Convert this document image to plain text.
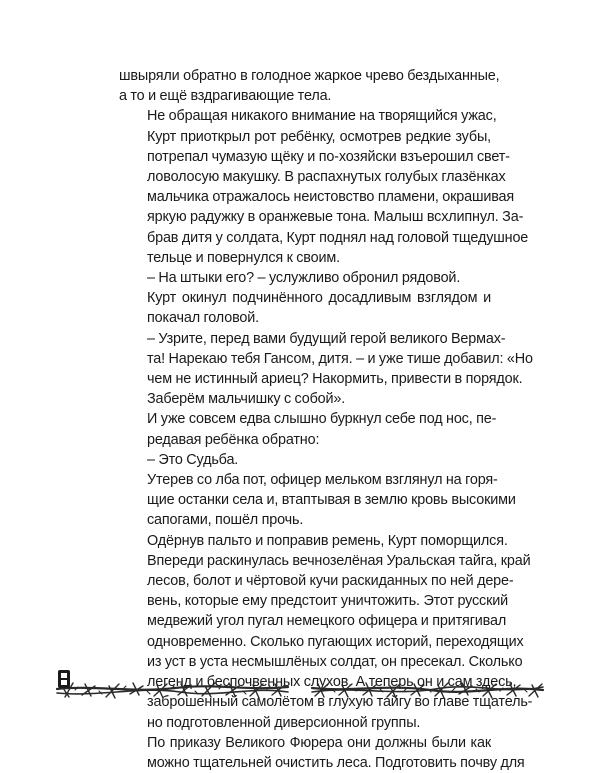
швыряли обратно в голодное жаркое чрево бездыханные,
а то и ещё вздрагивающие тела.

Не обращая никакого внимание на творящийся ужас,
Курт приоткрыл рот ребёнку, осмотрев редкие зубы,
потрепал чумазую щёку и по-хозяйски взъерошил свет-
ловолосую макушку. В распахнутых голубых глазёнках
мальчика отражалось неистовство пламени, окрашивая
яркую радужку в оранжевые тона. Малыш всхлипнул. За-
брав дитя у солдата, Курт поднял над головой тщедушное
тельце и повернулся к своим.

– На штыки его? – услужливо обронил рядовой.

Курт окинул подчинённого досадливым взглядом и
покачал головой.

– Узрите, перед вами будущий герой великого Вермах-
та! Нарекаю тебя Гансом, дитя. – и уже тише добавил: «Но
чем не истинный ариец? Накормить, привести в порядок.
Заберём мальчишку с собой».

И уже совсем едва слышно буркнул себе под нос, пе-
редавая ребёнка обратно:

– Это Судьба.

Утерев со лба пот, офицер мельком взглянул на горя-
щие останки села и, втаптывая в землю кровь высокими
сапогами, пошёл прочь.

Одёрнув пальто и поправив ремень, Курт поморщился.
Впереди раскинулась вечнозелёная Уральская тайга, край
лесов, болот и чёртовой кучи раскиданных по ней дере-
вень, которые ему предстоит уничтожить. Этот русский
медвежий угол пугал немецкого офицера и притягивал
одновременно. Сколько пугающих историй, переходящих
из уст в уста несмышлёных солдат, он пресекал. Сколько
легенд и беспочвенных слухов. А теперь он и сам здесь,
заброшенный самолётом в глухую тайгу во главе тщатель-
но подготовленной диверсионной группы.

По приказу Великого Фюрера они должны были как
можно тщательней очистить леса. Подготовить почву для
